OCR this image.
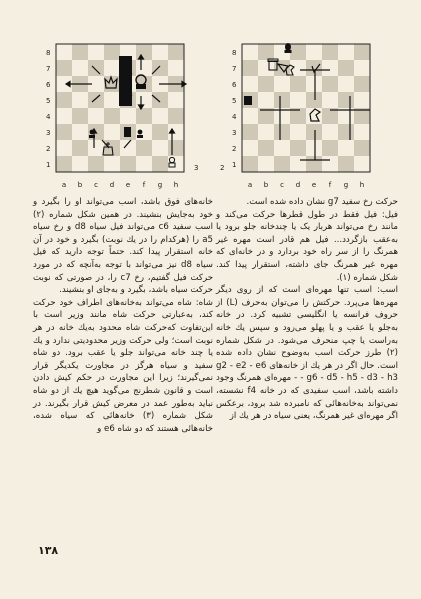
8
7
6
5
4
3
2
1
a b c d e f g h
3
8
7
6
5
4
3
2
1
a b c d e f g h
2

حرکت رخ سفید g7 نشان داده شده است.

فیل: فیل فقط در طول قطرها حرکت می‌کند و مانند رخ می‌تواند هربار یک یا چندخانه جلو برود یا به‌عقب بازگردد... فیل هم قادر است مهره غیر همرنگ را از سر راه خود بردارد و در خانه‌ای که مهره غیر همرنگ جای داشته، استقرار پیدا کند. شکل شماره (۱).

اسب: اسب تنها مهره‌ای است که از روی دیگر مهره‌ها می‌پرد. حرکتش را می‌توان به‌حرف (L) از حروف فرانسه یا انگلیسی تشبیه کرد. در خانه به‌جلو یا عقب و یا پهلو می‌رود و سپس یك خانه به‌راست یا چپ منحرف می‌شود. در شکل شماره (۲) طرز حرکت اسب به‌وضوح نشان داده شده است. حال اگر در هر یك از خانه‌های g2 - e2 - e6 - g6 - d5 - h5 - d3 - h3 - مهره‌ای همرنگ وجود داشته باشد، اسب سفیدی که در خانه f4 نشسته، نمی‌تواند به‌خانه‌هائی که نامبرده شد برود، برعکس اگر مهره‌ای غیر همرنگ، یعنی سیاه در هر یك از

خانه‌های فوق باشد، اسب می‌تواند او را بگیرد و خود به‌جایش بنشیند. در همین شکل شماره (۲) اسب سفید c6 می‌تواند فیل سیاه d8 و رخ سیاه a5 را (هرکدام را در یك نوبت) بگیرد و خود در آن خانه استقرار پیدا کند. حتماً توجه دارید که فیل سیاه d8 نیز می‌تواند با توجه به‌آنچه که در مورد حرکت فیل گفتیم، رخ c7 را، در صورتی که نوبت حرکت سیاه باشد، بگیرد و به‌جای او بنشیند.

شاه: شاه می‌تواند به‌خانه‌های اطراف خود حرکت کند، به‌عبارتی حرکت شاه مانند وزیر است با این‌تفاوت که‌حرکت شاه محدود به‌یك خانه در هر نوبت است؛ ولی حرکت وزیر محدودیتی ندارد و یك یا چند خانه می‌تواند جلو یا عقب برود. دو شاه سفید و سیاه هرگز در مجاورت یکدیگر قرار نمی‌گیرند؛ زیرا این مجاورت در حکم کیش دادن است و قانون شطرنج می‌گوید هیچ یك از دو شاه نباید به‌طور عمد در معرض کیش قرار بگیرند. در شکل شماره (۳) خانه‌هائی که سیاه شده، خانه‌هائی هستند که دو شاه e6 و

۱۳۸
